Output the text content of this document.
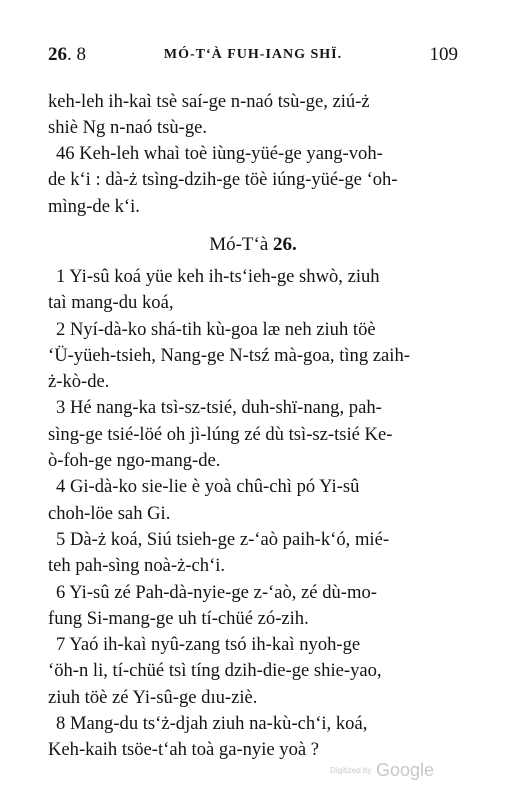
26. 8	MÓ-T‘À FUH-IANG SHÏ.	109

keh-leh ih-kaì tsè saí-ge n-naó tsù-ge, ziú-ż
shiè Ng n-naó tsù-ge.

46 Keh-leh whaì toè iùng-yüé-ge yang-voh-
de k‘i : dà-ż tsìng-dzih-ge töè iúng-yüé-ge ‘oh-
mìng-de k‘i.

Mó-T‘à 26.

1 Yi-sû koá yüe keh ih-ts‘ieh-ge shwò, ziuh
taì mang-du koá,

2 Nyí-dà-ko shá-tih kù-goa læ neh ziuh töè
‘Ü-yüeh-tsieh, Nang-ge N-tsź mà-goa, tìng zaih-
ż-kò-de.

3 Hé nang-ka tsì-sz-tsié, duh-shï-nang, pah-
sìng-ge tsié-löé oh jì-lúng zé dù tsì-sz-tsié Ke-
ò-foh-ge ngo-mang-de.

4 Gi-dà-ko sie-lie è yoà chû-chì pó Yi-sû
choh-löe sah Gi.

5 Dà-ż koá, Siú tsieh-ge z-‘aò paih-k‘ó, mié-
teh pah-sìng noà-ż-ch‘i.

6 Yi-sû zé Pah-dà-nyie-ge z-‘aò, zé dù-mo-
fung Si-mang-ge uh tí-chüé zó-zih.

7 Yaó ih-kaì nyû-zang tsó ih-kaì nyoh-ge
‘öh-n li, tí-chüé tsì tíng dzih-die-ge shie-yao,
ziuh töè zé Yi-sû-ge dıu-ziè.

8 Mang-du ts‘ż-djah ziuh na-kù-ch‘i, koá,
Keh-kaih tsöe-t‘ah toà ga-nyie yoà ?

Digitized by Google
